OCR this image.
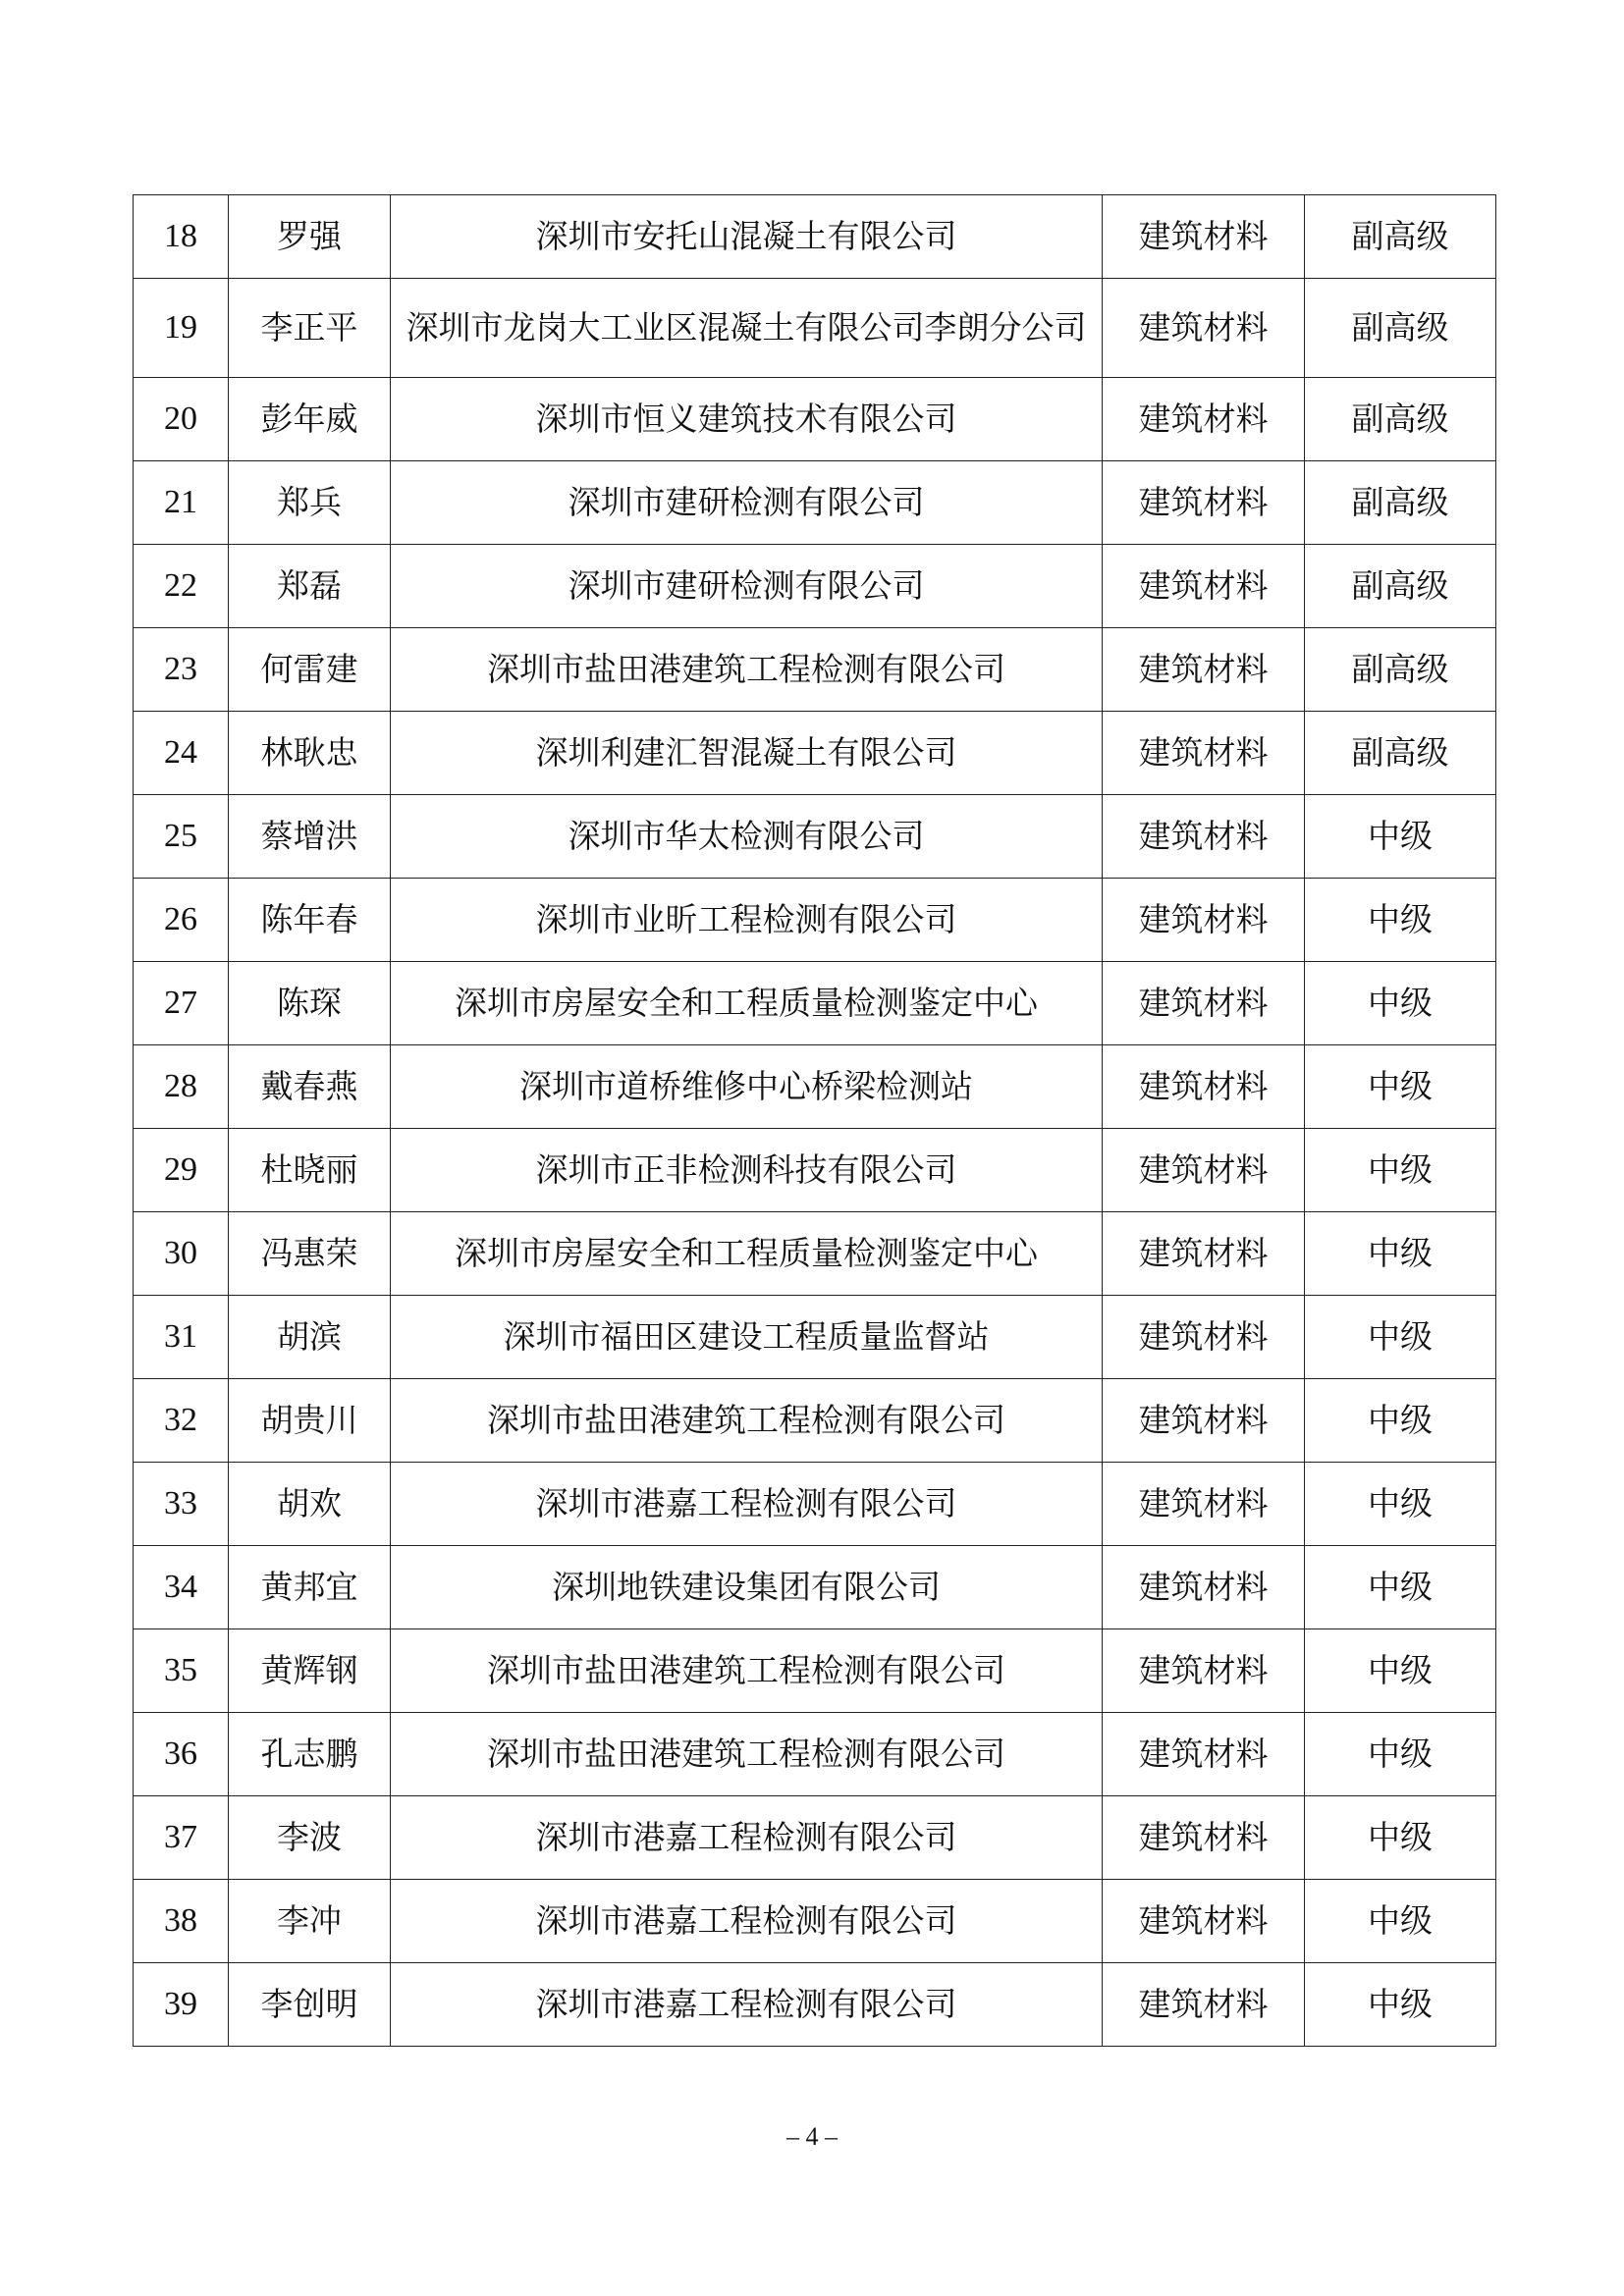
18	罗强	深圳市安托山混凝土有限公司	建筑材料	副高级
19	李正平	深圳市龙岗大工业区混凝土有限公司李朗分公司	建筑材料	副高级
20	彭年威	深圳市恒义建筑技术有限公司	建筑材料	副高级
21	郑兵	深圳市建研检测有限公司	建筑材料	副高级
22	郑磊	深圳市建研检测有限公司	建筑材料	副高级
23	何雷建	深圳市盐田港建筑工程检测有限公司	建筑材料	副高级
24	林耿忠	深圳利建汇智混凝土有限公司	建筑材料	副高级
25	蔡增洪	深圳市华太检测有限公司	建筑材料	中级
26	陈年春	深圳市业昕工程检测有限公司	建筑材料	中级
27	陈琛	深圳市房屋安全和工程质量检测鉴定中心	建筑材料	中级
28	戴春燕	深圳市道桥维修中心桥梁检测站	建筑材料	中级
29	杜晓丽	深圳市正非检测科技有限公司	建筑材料	中级
30	冯惠荣	深圳市房屋安全和工程质量检测鉴定中心	建筑材料	中级
31	胡滨	深圳市福田区建设工程质量监督站	建筑材料	中级
32	胡贵川	深圳市盐田港建筑工程检测有限公司	建筑材料	中级
33	胡欢	深圳市港嘉工程检测有限公司	建筑材料	中级
34	黄邦宜	深圳地铁建设集团有限公司	建筑材料	中级
35	黄辉钢	深圳市盐田港建筑工程检测有限公司	建筑材料	中级
36	孔志鹏	深圳市盐田港建筑工程检测有限公司	建筑材料	中级
37	李波	深圳市港嘉工程检测有限公司	建筑材料	中级
38	李冲	深圳市港嘉工程检测有限公司	建筑材料	中级
39	李创明	深圳市港嘉工程检测有限公司	建筑材料	中级
– 4 –
